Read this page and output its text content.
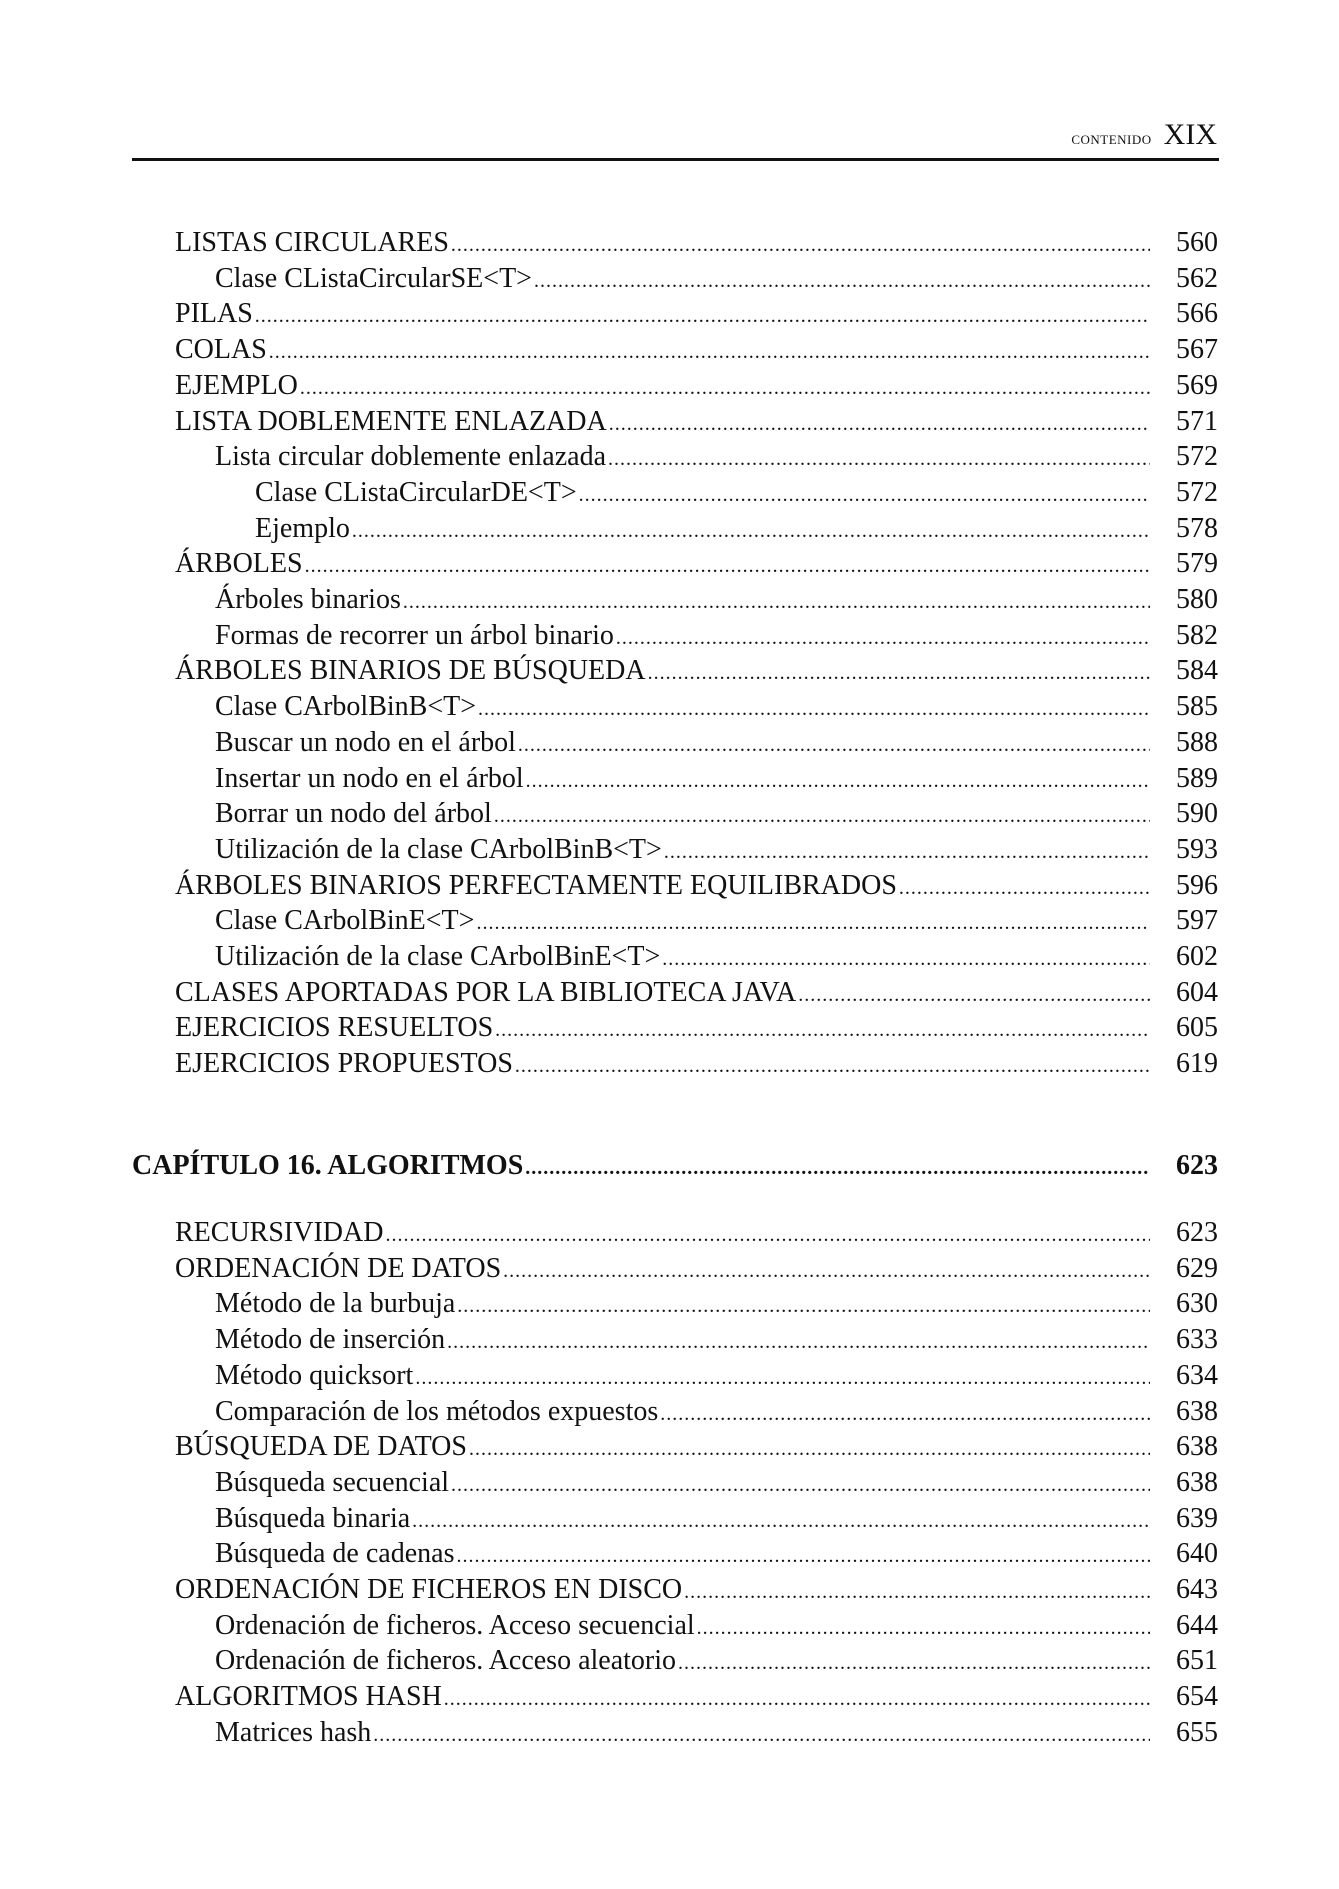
contenido XIX
LISTAS CIRCULARES .....	560
Clase CListaCircularSE<T> .....	562
PILAS .....	566
COLAS .....	567
EJEMPLO .....	569
LISTA DOBLEMENTE ENLAZADA .....	571
Lista circular doblemente enlazada .....	572
Clase CListaCircularDE<T> .....	572
Ejemplo .....	578
ÁRBOLES .....	579
Árboles binarios .....	580
Formas de recorrer un árbol binario .....	582
ÁRBOLES BINARIOS DE BÚSQUEDA .....	584
Clase CArbolBinB<T> .....	585
Buscar un nodo en el árbol .....	588
Insertar un nodo en el árbol .....	589
Borrar un nodo del árbol .....	590
Utilización de la clase CArbolBinB<T> .....	593
ÁRBOLES BINARIOS PERFECTAMENTE EQUILIBRADOS .....	596
Clase CArbolBinE<T> .....	597
Utilización de la clase CArbolBinE<T> .....	602
CLASES APORTADAS POR LA BIBLIOTECA JAVA .....	604
EJERCICIOS RESUELTOS .....	605
EJERCICIOS PROPUESTOS .....	619
CAPÍTULO 16. ALGORITMOS .....	623
RECURSIVIDAD .....	623
ORDENACIÓN DE DATOS .....	629
Método de la burbuja .....	630
Método de inserción .....	633
Método quicksort .....	634
Comparación de los métodos expuestos .....	638
BÚSQUEDA DE DATOS .....	638
Búsqueda secuencial .....	638
Búsqueda binaria .....	639
Búsqueda de cadenas .....	640
ORDENACIÓN DE FICHEROS EN DISCO .....	643
Ordenación de ficheros. Acceso secuencial .....	644
Ordenación de ficheros. Acceso aleatorio .....	651
ALGORITMOS HASH .....	654
Matrices hash .....	655
